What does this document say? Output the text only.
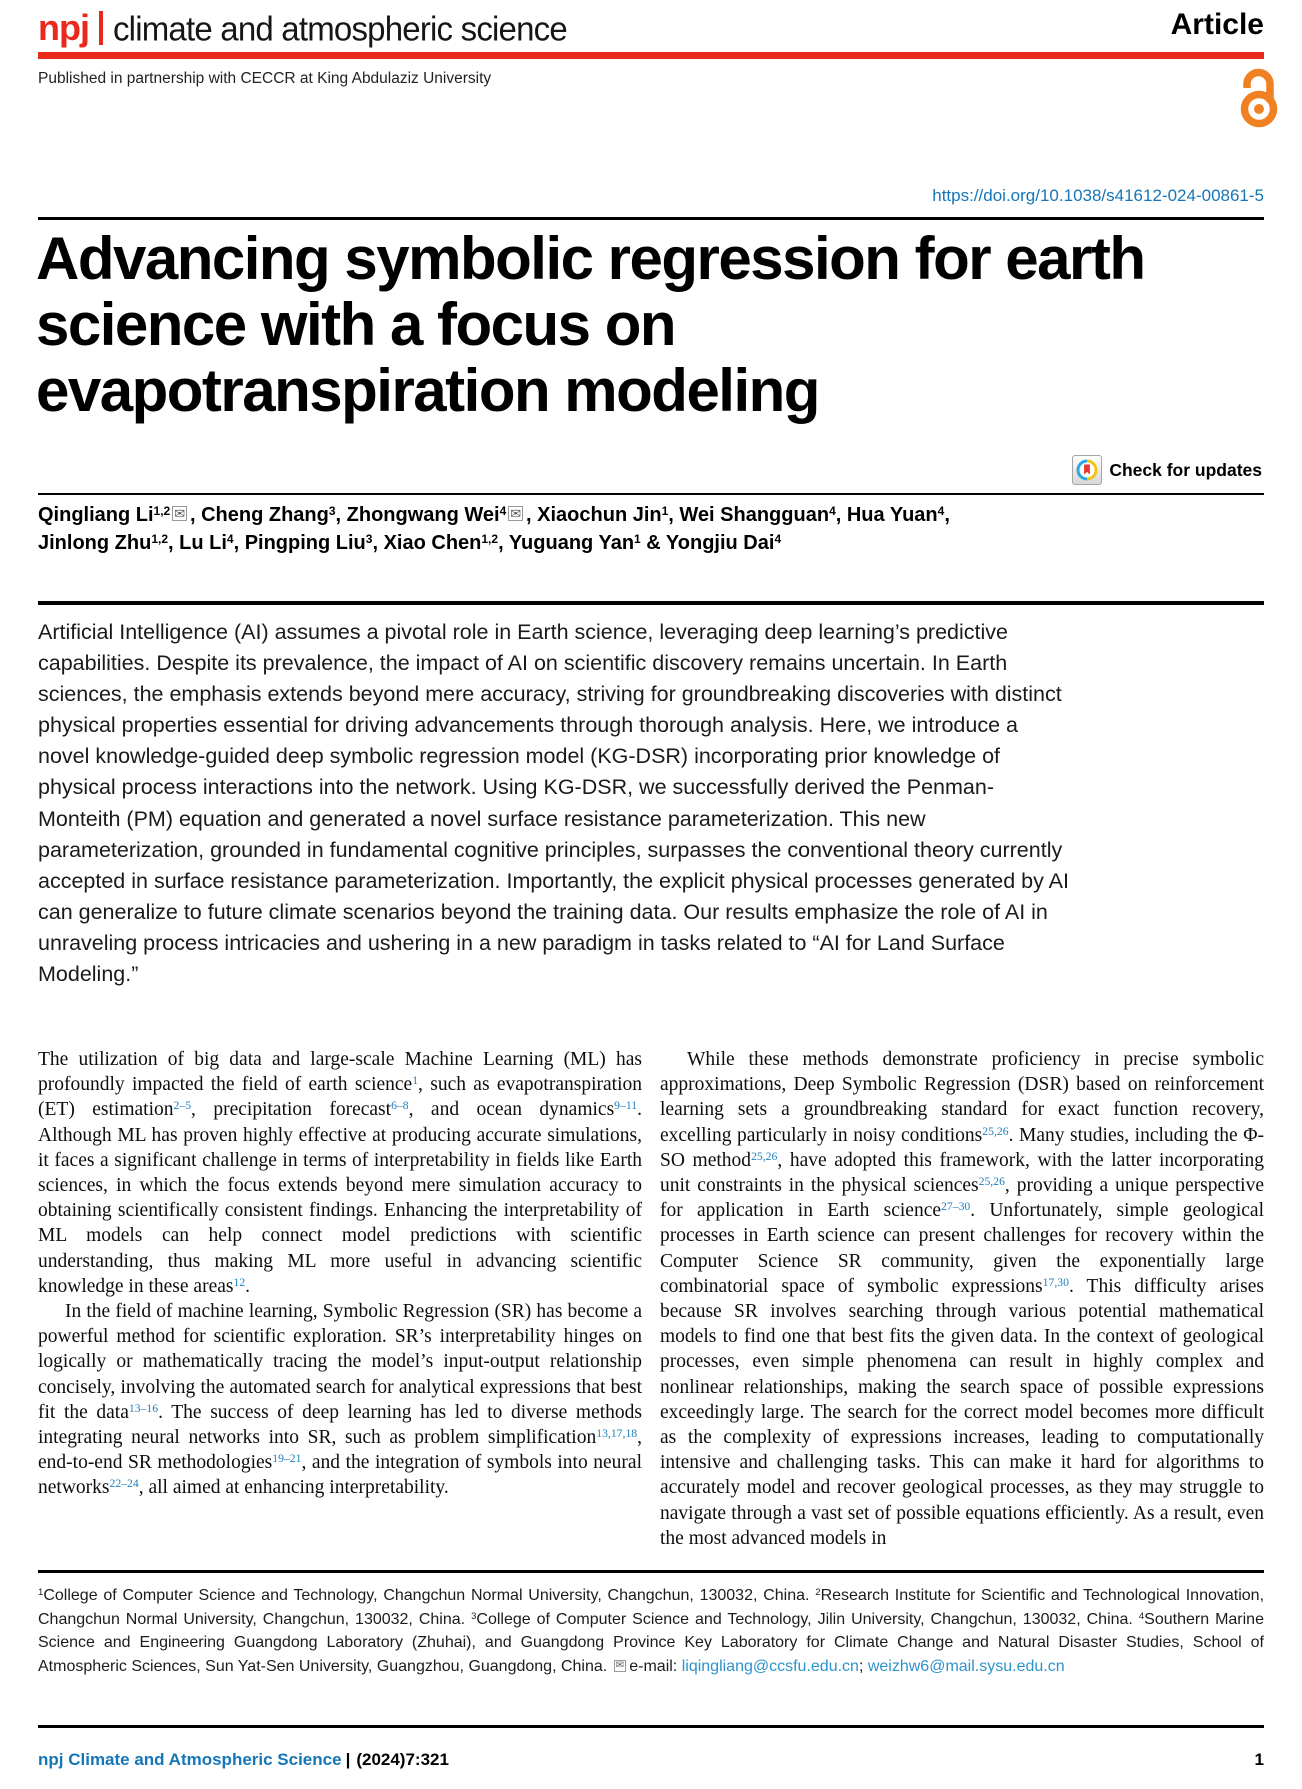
npj climate and atmospheric science	Article
Published in partnership with CECCR at King Abdulaziz University
https://doi.org/10.1038/s41612-024-00861-5
Advancing symbolic regression for earth
science with a focus on
evapotranspiration modeling
Check for updates
Qingliang Li$^{1,2}$ ✉ , Cheng Zhang$^3$, Zhongwang Wei$^4$ ✉ , Xiaochun Jin$^1$, Wei Shangguan$^4$, Hua Yuan$^4$,
Jinlong Zhu$^{1,2}$, Lu Li$^4$, Pingping Liu$^3$, Xiao Chen$^{1,2}$, Yuguang Yan$^1$ & Yongjiu Dai$^4$
Artificial Intelligence (AI) assumes a pivotal role in Earth science, leveraging deep learning’s predictive capabilities. Despite its prevalence, the impact of AI on scientific discovery remains uncertain. In Earth sciences, the emphasis extends beyond mere accuracy, striving for groundbreaking discoveries with distinct physical properties essential for driving advancements through thorough analysis. Here, we introduce a novel knowledge-guided deep symbolic regression model (KG-DSR) incorporating prior knowledge of physical process interactions into the network. Using KG-DSR, we successfully derived the Penman-Monteith (PM) equation and generated a novel surface resistance parameterization. This new parameterization, grounded in fundamental cognitive principles, surpasses the conventional theory currently accepted in surface resistance parameterization. Importantly, the explicit physical processes generated by AI can generalize to future climate scenarios beyond the training data. Our results emphasize the role of AI in unraveling process intricacies and ushering in a new paradigm in tasks related to “AI for Land Surface Modeling.”

The utilization of big data and large-scale Machine Learning (ML) has profoundly impacted the field of earth science$^1$, such as evapotranspiration (ET) estimation$^{2-5}$, precipitation forecast$^{6-8}$, and ocean dynamics$^{9-11}$. Although ML has proven highly effective at producing accurate simulations, it faces a significant challenge in terms of interpretability in fields like Earth sciences, in which the focus extends beyond mere simulation accuracy to obtaining scientifically consistent findings. Enhancing the interpretability of ML models can help connect model predictions with scientific understanding, thus making ML more useful in advancing scientific knowledge in these areas$^{12}$.

In the field of machine learning, Symbolic Regression (SR) has become a powerful method for scientific exploration. SR’s interpretability hinges on logically or mathematically tracing the model’s input-output relationship concisely, involving the automated search for analytical expressions that best fit the data$^{13-16}$. The success of deep learning has led to diverse methods integrating neural networks into SR, such as problem simplification$^{13,17,18}$, end-to-end SR methodologies$^{19-21}$, and the integration of symbols into neural networks$^{22-24}$, all aimed at enhancing interpretability.

While these methods demonstrate proficiency in precise symbolic approximations, Deep Symbolic Regression (DSR) based on reinforcement learning sets a groundbreaking standard for exact function recovery, excelling particularly in noisy conditions$^{25,26}$. Many studies, including the Φ-SO method$^{25,26}$, have adopted this framework, with the latter incorporating unit constraints in the physical sciences$^{25,26}$, providing a unique perspective for application in Earth science$^{27-30}$. Unfortunately, simple geological processes in Earth science can present challenges for recovery within the Computer Science SR community, given the exponentially large combinatorial space of symbolic expressions$^{17,30}$. This difficulty arises because SR involves searching through various potential mathematical models to find one that best fits the given data. In the context of geological processes, even simple phenomena can result in highly complex and nonlinear relationships, making the search space of possible expressions exceedingly large. The search for the correct model becomes more difficult as the complexity of expressions increases, leading to computationally intensive and challenging tasks. This can make it hard for algorithms to accurately model and recover geological processes, as they may struggle to navigate through a vast set of possible equations efficiently. As a result, even the most advanced models in

$^1$College of Computer Science and Technology, Changchun Normal University, Changchun, 130032, China. $^2$Research Institute for Scientific and Technological Innovation, Changchun Normal University, Changchun, 130032, China. $^3$College of Computer Science and Technology, Jilin University, Changchun, 130032, China. $^4$Southern Marine Science and Engineering Guangdong Laboratory (Zhuhai), and Guangdong Province Key Laboratory for Climate Change and Natural Disaster Studies, School of Atmospheric Sciences, Sun Yat-Sen University, Guangzhou, Guangdong, China. ✉ e-mail: liqingliang@ccsfu.edu.cn; weizhw6@mail.sysu.edu.cn

npj Climate and Atmospheric Science | (2024)7:321	1
